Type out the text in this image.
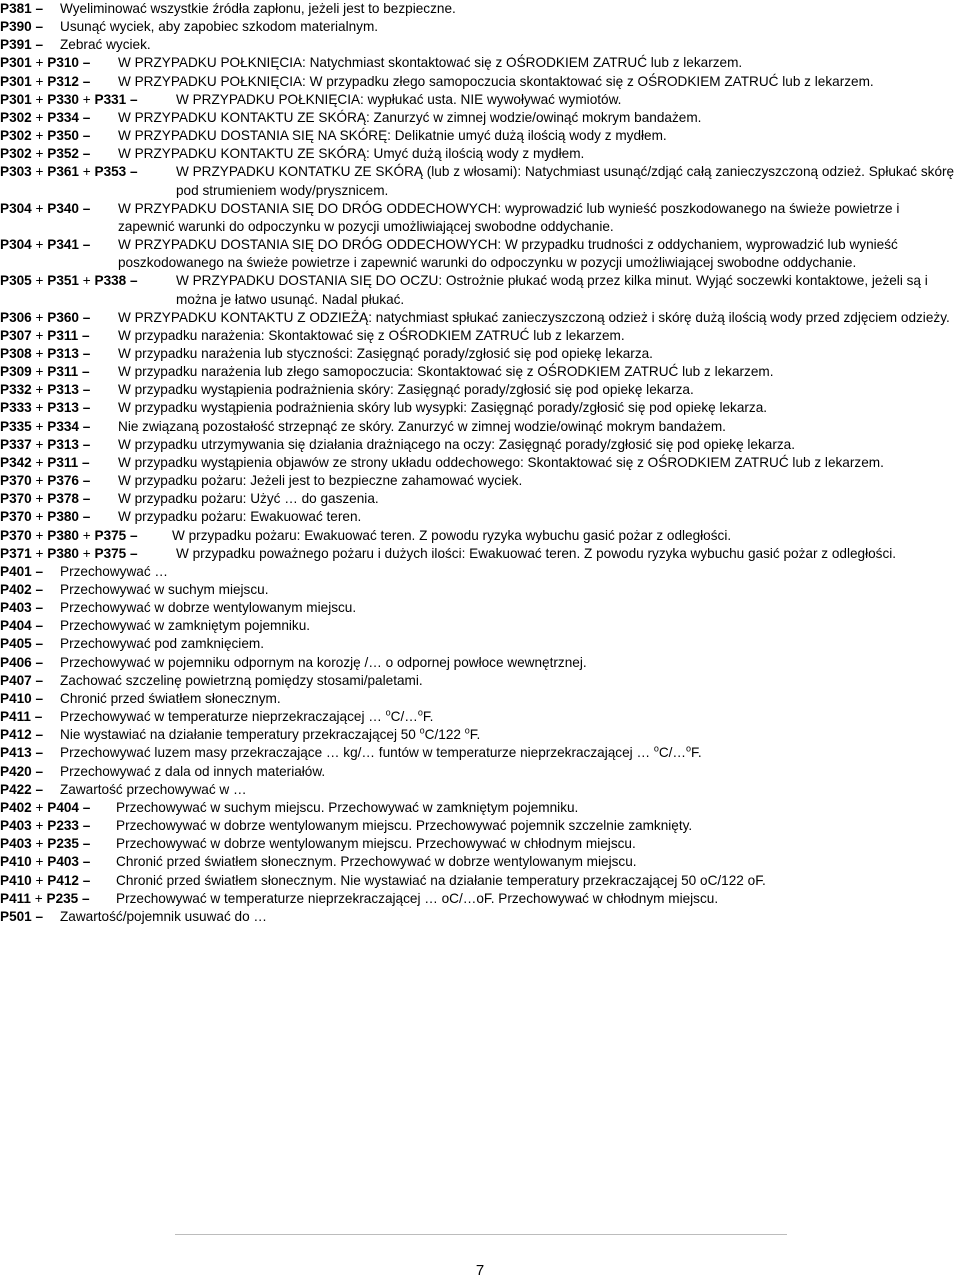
P381 –	Wyeliminować wszystkie źródła zapłonu, jeżeli jest to bezpieczne.
P390 –	Usunąć wyciek, aby zapobiec szkodom materialnym.
P391 –	Zebrać wyciek.
P301 + P310 –	W PRZYPADKU POŁKNIĘCIA: Natychmiast skontaktować się z OŚRODKIEM ZATRUĆ lub z lekarzem.
P301 + P312 –	W PRZYPADKU POŁKNIĘCIA: W przypadku złego samopoczucia skontaktować się z OŚRODKIEM ZATRUĆ lub z lekarzem.
P301 + P330 + P331 –	W PRZYPADKU POŁKNIĘCIA: wypłukać usta. NIE wywoływać wymiotów.
P302 + P334 –	W PRZYPADKU KONTAKTU ZE SKÓRĄ: Zanurzyć w zimnej wodzie/owinąć mokrym bandażem.
P302 + P350 –	W PRZYPADKU DOSTANIA SIĘ NA SKÓRĘ: Delikatnie umyć dużą ilością wody z mydłem.
P302 + P352 –	W PRZYPADKU KONTAKTU ZE SKÓRĄ: Umyć dużą ilością wody z mydłem.
P303 + P361 + P353 –	W PRZYPADKU KONTATKU ZE SKÓRĄ (lub z włosami): Natychmiast usunąć/zdjąć całą zanieczyszczoną odzież. Spłukać skórę pod strumieniem wody/prysznicem.
P304 + P340 –	W PRZYPADKU DOSTANIA SIĘ DO DRÓG ODDECHOWYCH: wyprowadzić lub wynieść poszkodowanego na świeże powietrze i zapewnić warunki do odpoczynku w pozycji umożliwiającej swobodne oddychanie.
P304 + P341 –	W PRZYPADKU DOSTANIA SIĘ DO DRÓG ODDECHOWYCH: W przypadku trudności z oddychaniem, wyprowadzić lub wynieść poszkodowanego na świeże powietrze i zapewnić warunki do odpoczynku w pozycji umożliwiającej swobodne oddychanie.
P305 + P351 + P338 –	W PRZYPADKU DOSTANIA SIĘ DO OCZU: Ostrożnie płukać wodą przez kilka minut. Wyjąć soczewki kontaktowe, jeżeli są i można je łatwo usunąć. Nadal płukać.
P306 + P360 –	W PRZYPADKU KONTAKTU Z ODZIEŻĄ: natychmiast spłukać zanieczyszczoną odzież i skórę dużą ilością wody przed zdjęciem odzieży.
P307 + P311 –	W przypadku narażenia: Skontaktować się z OŚRODKIEM ZATRUĆ lub z lekarzem.
P308 + P313 –	W przypadku narażenia lub styczności: Zasięgnąć porady/zgłosić się pod opiekę lekarza.
P309 + P311 –	W przypadku narażenia lub złego samopoczucia: Skontaktować się z OŚRODKIEM ZATRUĆ lub z lekarzem.
P332 + P313 –	W przypadku wystąpienia podrażnienia skóry: Zasięgnąć porady/zgłosić się pod opiekę lekarza.
P333 + P313 –	W przypadku wystąpienia podrażnienia skóry lub wysypki: Zasięgnąć porady/zgłosić się pod opiekę lekarza.
P335 + P334 –	Nie związaną pozostałość strzepnąć ze skóry. Zanurzyć w zimnej wodzie/owinąć mokrym bandażem.
P337 + P313 –	W przypadku utrzymywania się działania drażniącego na oczy: Zasięgnąć porady/zgłosić się pod opiekę lekarza.
P342 + P311 –	W przypadku wystąpienia objawów ze strony układu oddechowego: Skontaktować się z OŚRODKIEM ZATRUĆ lub z lekarzem.
P370 + P376 –	W przypadku pożaru: Jeżeli jest to bezpieczne zahamować wyciek.
P370 + P378 –	W przypadku pożaru: Użyć … do gaszenia.
P370 + P380 –	W przypadku pożaru: Ewakuować teren.
P370 + P380 + P375 –	W przypadku pożaru: Ewakuować teren. Z powodu ryzyka wybuchu gasić pożar z odległości.
P371 + P380 + P375 –	W przypadku poważnego pożaru i dużych ilości: Ewakuować teren. Z powodu ryzyka wybuchu gasić pożar z odległości.
P401 –	Przechowywać …
P402 –	Przechowywać w suchym miejscu.
P403 –	Przechowywać w dobrze wentylowanym miejscu.
P404 –	Przechowywać w zamkniętym pojemniku.
P405 –	Przechowywać pod zamknięciem.
P406 –	Przechowywać w pojemniku odpornym na korozję /… o odpornej powłoce wewnętrznej.
P407 –	Zachować szczelinę powietrzną pomiędzy stosami/paletami.
P410 –	Chronić przed światłem słonecznym.
P411 –	Przechowywać w temperaturze nieprzekraczającej … $^o$C/…$^o$F.
P412 –	Nie wystawiać na działanie temperatury przekraczającej 50 $^o$C/122 $^o$F.
P413 –	Przechowywać luzem masy przekraczające … kg/… funtów w temperaturze nieprzekraczającej … $^o$C/…$^o$F.
P420 –	Przechowywać z dala od innych materiałów.
P422 –	Zawartość przechowywać w …
P402 + P404 –	Przechowywać w suchym miejscu. Przechowywać w zamkniętym pojemniku.
P403 + P233 –	Przechowywać w dobrze wentylowanym miejscu. Przechowywać pojemnik szczelnie zamknięty.
P403 + P235 –	Przechowywać w dobrze wentylowanym miejscu. Przechowywać w chłodnym miejscu.
P410 + P403 –	Chronić przed światłem słonecznym. Przechowywać w dobrze wentylowanym miejscu.
P410 + P412 –	Chronić przed światłem słonecznym. Nie wystawiać na działanie temperatury przekraczającej 50 oC/122 oF.
P411 + P235 –	Przechowywać w temperaturze nieprzekraczającej … oC/…oF. Przechowywać w chłodnym miejscu.
P501 –	Zawartość/pojemnik usuwać do …
7
